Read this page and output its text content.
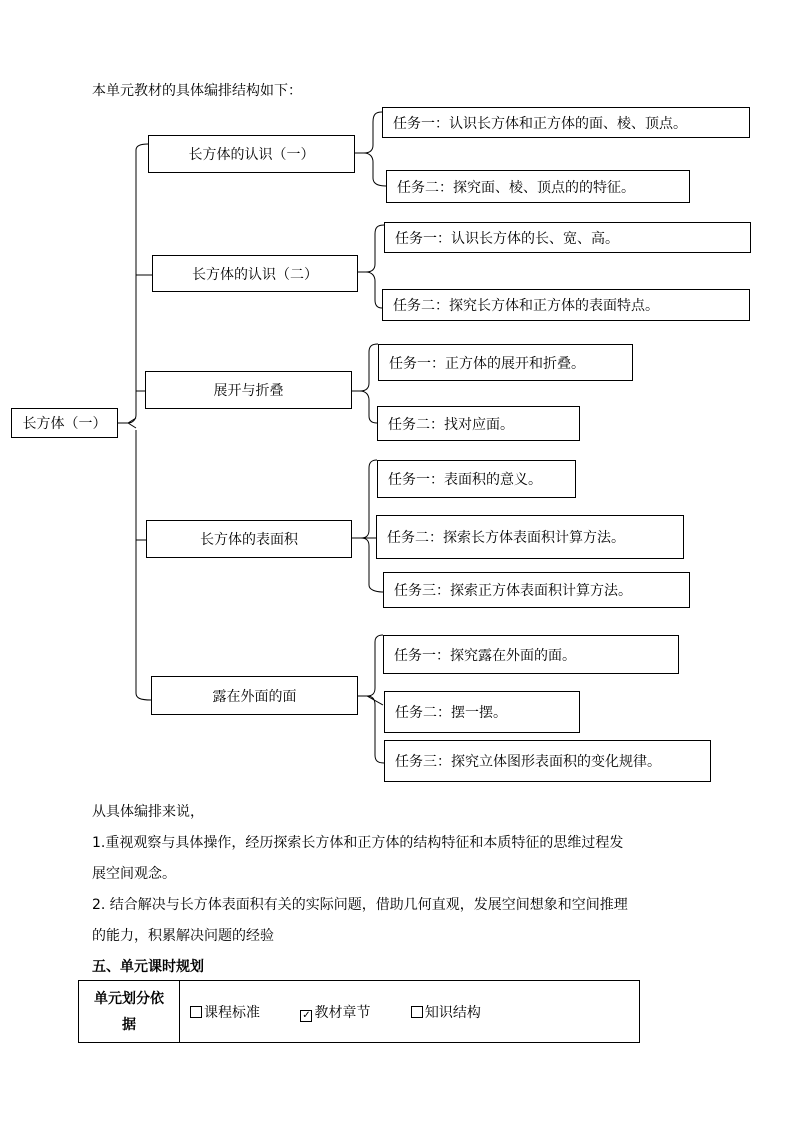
本单元教材的具体编排结构如下：
长方体（一）
长方体的认识（一）
任务一：认识长方体和正方体的面、棱、顶点。
任务二：探究面、棱、顶点的的特征。
长方体的认识（二）
任务一：认识长方体的长、宽、高。
任务二：探究长方体和正方体的表面特点。
展开与折叠
任务一：正方体的展开和折叠。
任务二：找对应面。
长方体的表面积
任务一：表面积的意义。
任务二：探索长方体表面积计算方法。
任务三：探索正方体表面积计算方法。
露在外面的面
任务一：探究露在外面的面。
任务二：摆一摆。
任务三：探究立体图形表面积的变化规律。
从具体编排来说，
1.重视观察与具体操作，经历探索长方体和正方体的结构特征和本质特征的思维过程发
展空间观念。
2. 结合解决与长方体表面积有关的实际问题，借助几何直观，发展空间想象和空间推理
的能力，积累解决问题的经验
五、单元课时规划
单元划分依
据
	课程标准	✓ 教材章节	知识结构
